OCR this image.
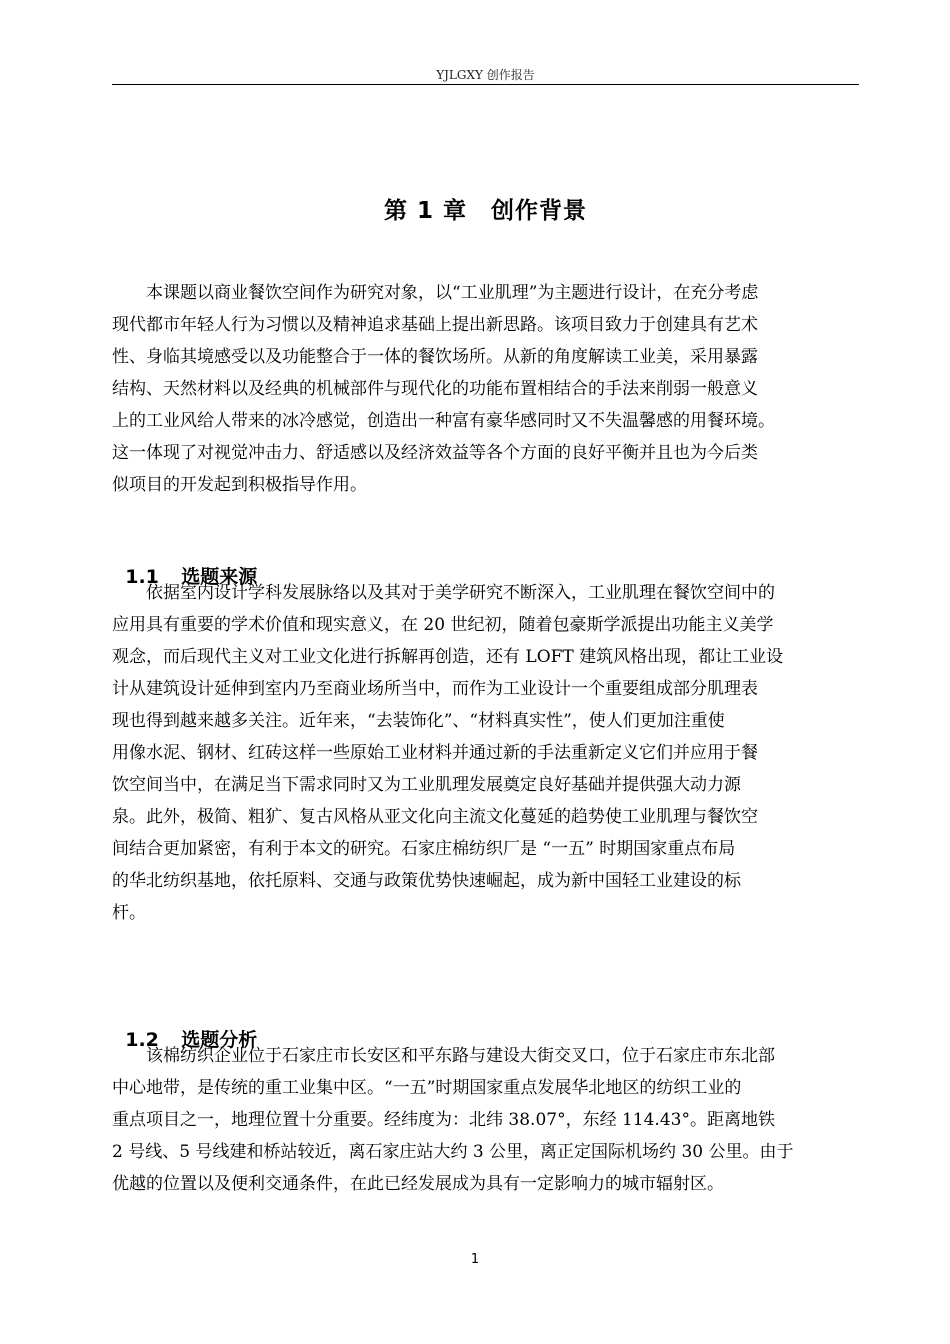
YJLGXY 创作报告
第 1 章　创作背景

　　本课题以商业餐饮空间作为研究对象，以“工业肌理”为主题进行设计，在充分考虑
现代都市年轻人行为习惯以及精神追求基础上提出新思路。该项目致力于创建具有艺术
性、身临其境感受以及功能整合于一体的餐饮场所。从新的角度解读工业美，采用暴露
结构、天然材料以及经典的机械部件与现代化的功能布置相结合的手法来削弱一般意义
上的工业风给人带来的冰冷感觉，创造出一种富有豪华感同时又不失温馨感的用餐环境。
这一体现了对视觉冲击力、舒适感以及经济效益等各个方面的良好平衡并且也为今后类
似项目的开发起到积极指导作用。

1.1 选题来源

　　依据室内设计学科发展脉络以及其对于美学研究不断深入，工业肌理在餐饮空间中的
应用具有重要的学术价值和现实意义，在 20 世纪初，随着包豪斯学派提出功能主义美学
观念，而后现代主义对工业文化进行拆解再创造，还有 LOFT 建筑风格出现，都让工业设
计从建筑设计延伸到室内乃至商业场所当中，而作为工业设计一个重要组成部分肌理表
现也得到越来越多关注。近年来，“去装饰化”、“材料真实性”，使人们更加注重使
用像水泥、钢材、红砖这样一些原始工业材料并通过新的手法重新定义它们并应用于餐
饮空间当中，在满足当下需求同时又为工业肌理发展奠定良好基础并提供强大动力源
泉。此外，极简、粗犷、复古风格从亚文化向主流文化蔓延的趋势使工业肌理与餐饮空
间结合更加紧密，有利于本文的研究。石家庄棉纺织厂是 “一五” 时期国家重点布局
的华北纺织基地，依托原料、交通与政策优势快速崛起，成为新中国轻工业建设的标
杆。

1.2 选题分析

　　该棉纺织企业位于石家庄市长安区和平东路与建设大街交叉口，位于石家庄市东北部
中心地带，是传统的重工业集中区。“一五”时期国家重点发展华北地区的纺织工业的
重点项目之一，地理位置十分重要。经纬度为：北纬 38.07°，东经 114.43°。距离地铁
2 号线、5 号线建和桥站较近，离石家庄站大约 3 公里，离正定国际机场约 30 公里。由于
优越的位置以及便利交通条件，在此已经发展成为具有一定影响力的城市辐射区。

1
